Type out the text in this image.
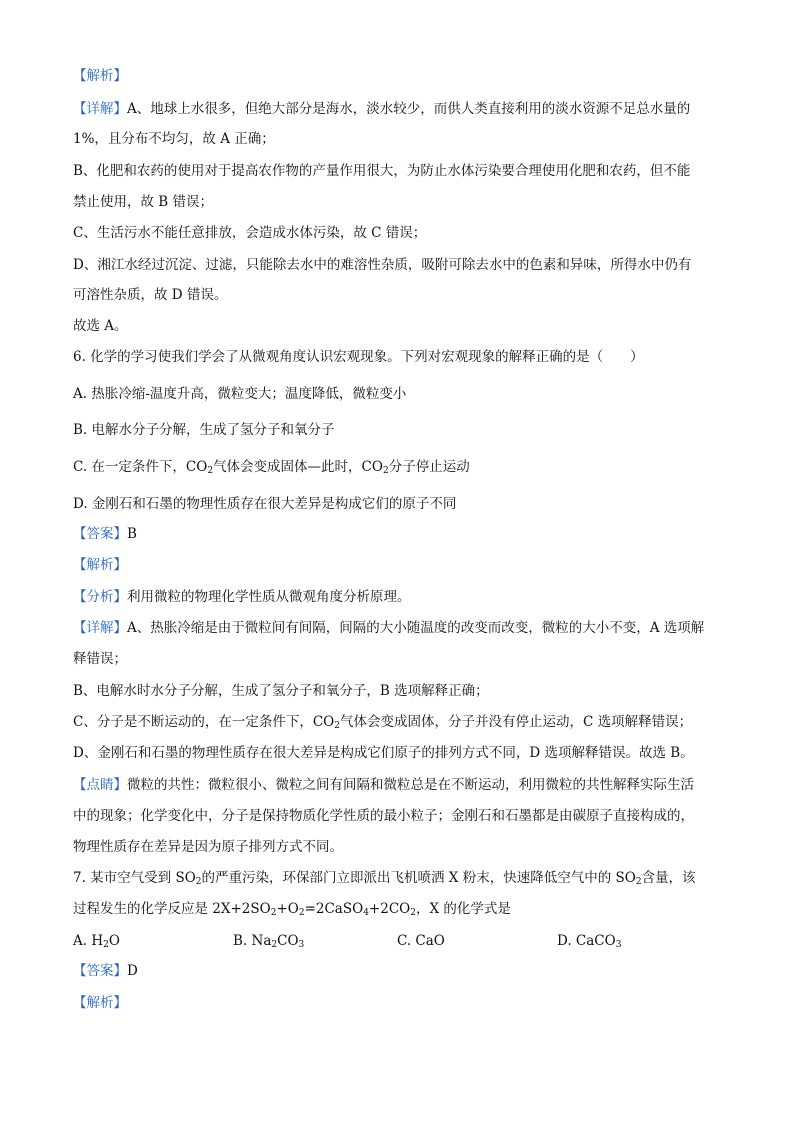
【解析】
【详解】A、地球上水很多，但绝大部分是海水，淡水较少，而供人类直接利用的淡水资源不足总水量的
1%，且分布不均匀，故 A 正确；
B、化肥和农药的使用对于提高农作物的产量作用很大，为防止水体污染要合理使用化肥和农药，但不能
禁止使用，故 B 错误；
C、生活污水不能任意排放，会造成水体污染，故 C 错误；
D、湘江水经过沉淀、过滤，只能除去水中的难溶性杂质，吸附可除去水中的色素和异味，所得水中仍有
可溶性杂质，故 D 错误。
故选 A。
6. 化学的学习使我们学会了从微观角度认识宏观现象。下列对宏观现象的解释正确的是（　　）
A. 热胀冷缩-温度升高，微粒变大；温度降低，微粒变小
B. 电解水分子分解，生成了氢分子和氧分子
C. 在一定条件下，$CO_2$气体会变成固体—此时，$CO_2$分子停止运动
D. 金刚石和石墨的物理性质存在很大差异是构成它们的原子不同
【答案】B
【解析】
【分析】利用微粒的物理化学性质从微观角度分析原理。
【详解】A、热胀冷缩是由于微粒间有间隔，间隔的大小随温度的改变而改变，微粒的大小不变，A 选项解
释错误；
B、电解水时水分子分解，生成了氢分子和氧分子，B 选项解释正确；
C、分子是不断运动的，在一定条件下，$CO_2$气体会变成固体，分子并没有停止运动，C 选项解释错误；
D、金刚石和石墨的物理性质存在很大差异是构成它们原子的排列方式不同，D 选项解释错误。故选 B。
【点睛】微粒的共性：微粒很小、微粒之间有间隔和微粒总是在不断运动，利用微粒的共性解释实际生活
中的现象；化学变化中，分子是保持物质化学性质的最小粒子；金刚石和石墨都是由碳原子直接构成的，
物理性质存在差异是因为原子排列方式不同。
7. 某市空气受到 $SO_2$的严重污染，环保部门立即派出飞机喷洒 X 粉末，快速降低空气中的 $SO_2$含量，该
过程发生的化学反应是 $2X+2SO_2+O_2=2CaSO_4+2CO_2$，X 的化学式是
A. $H_2O$	B. $Na_2CO_3$	C. CaO	D. CaCO$_3$
【答案】D
【解析】
